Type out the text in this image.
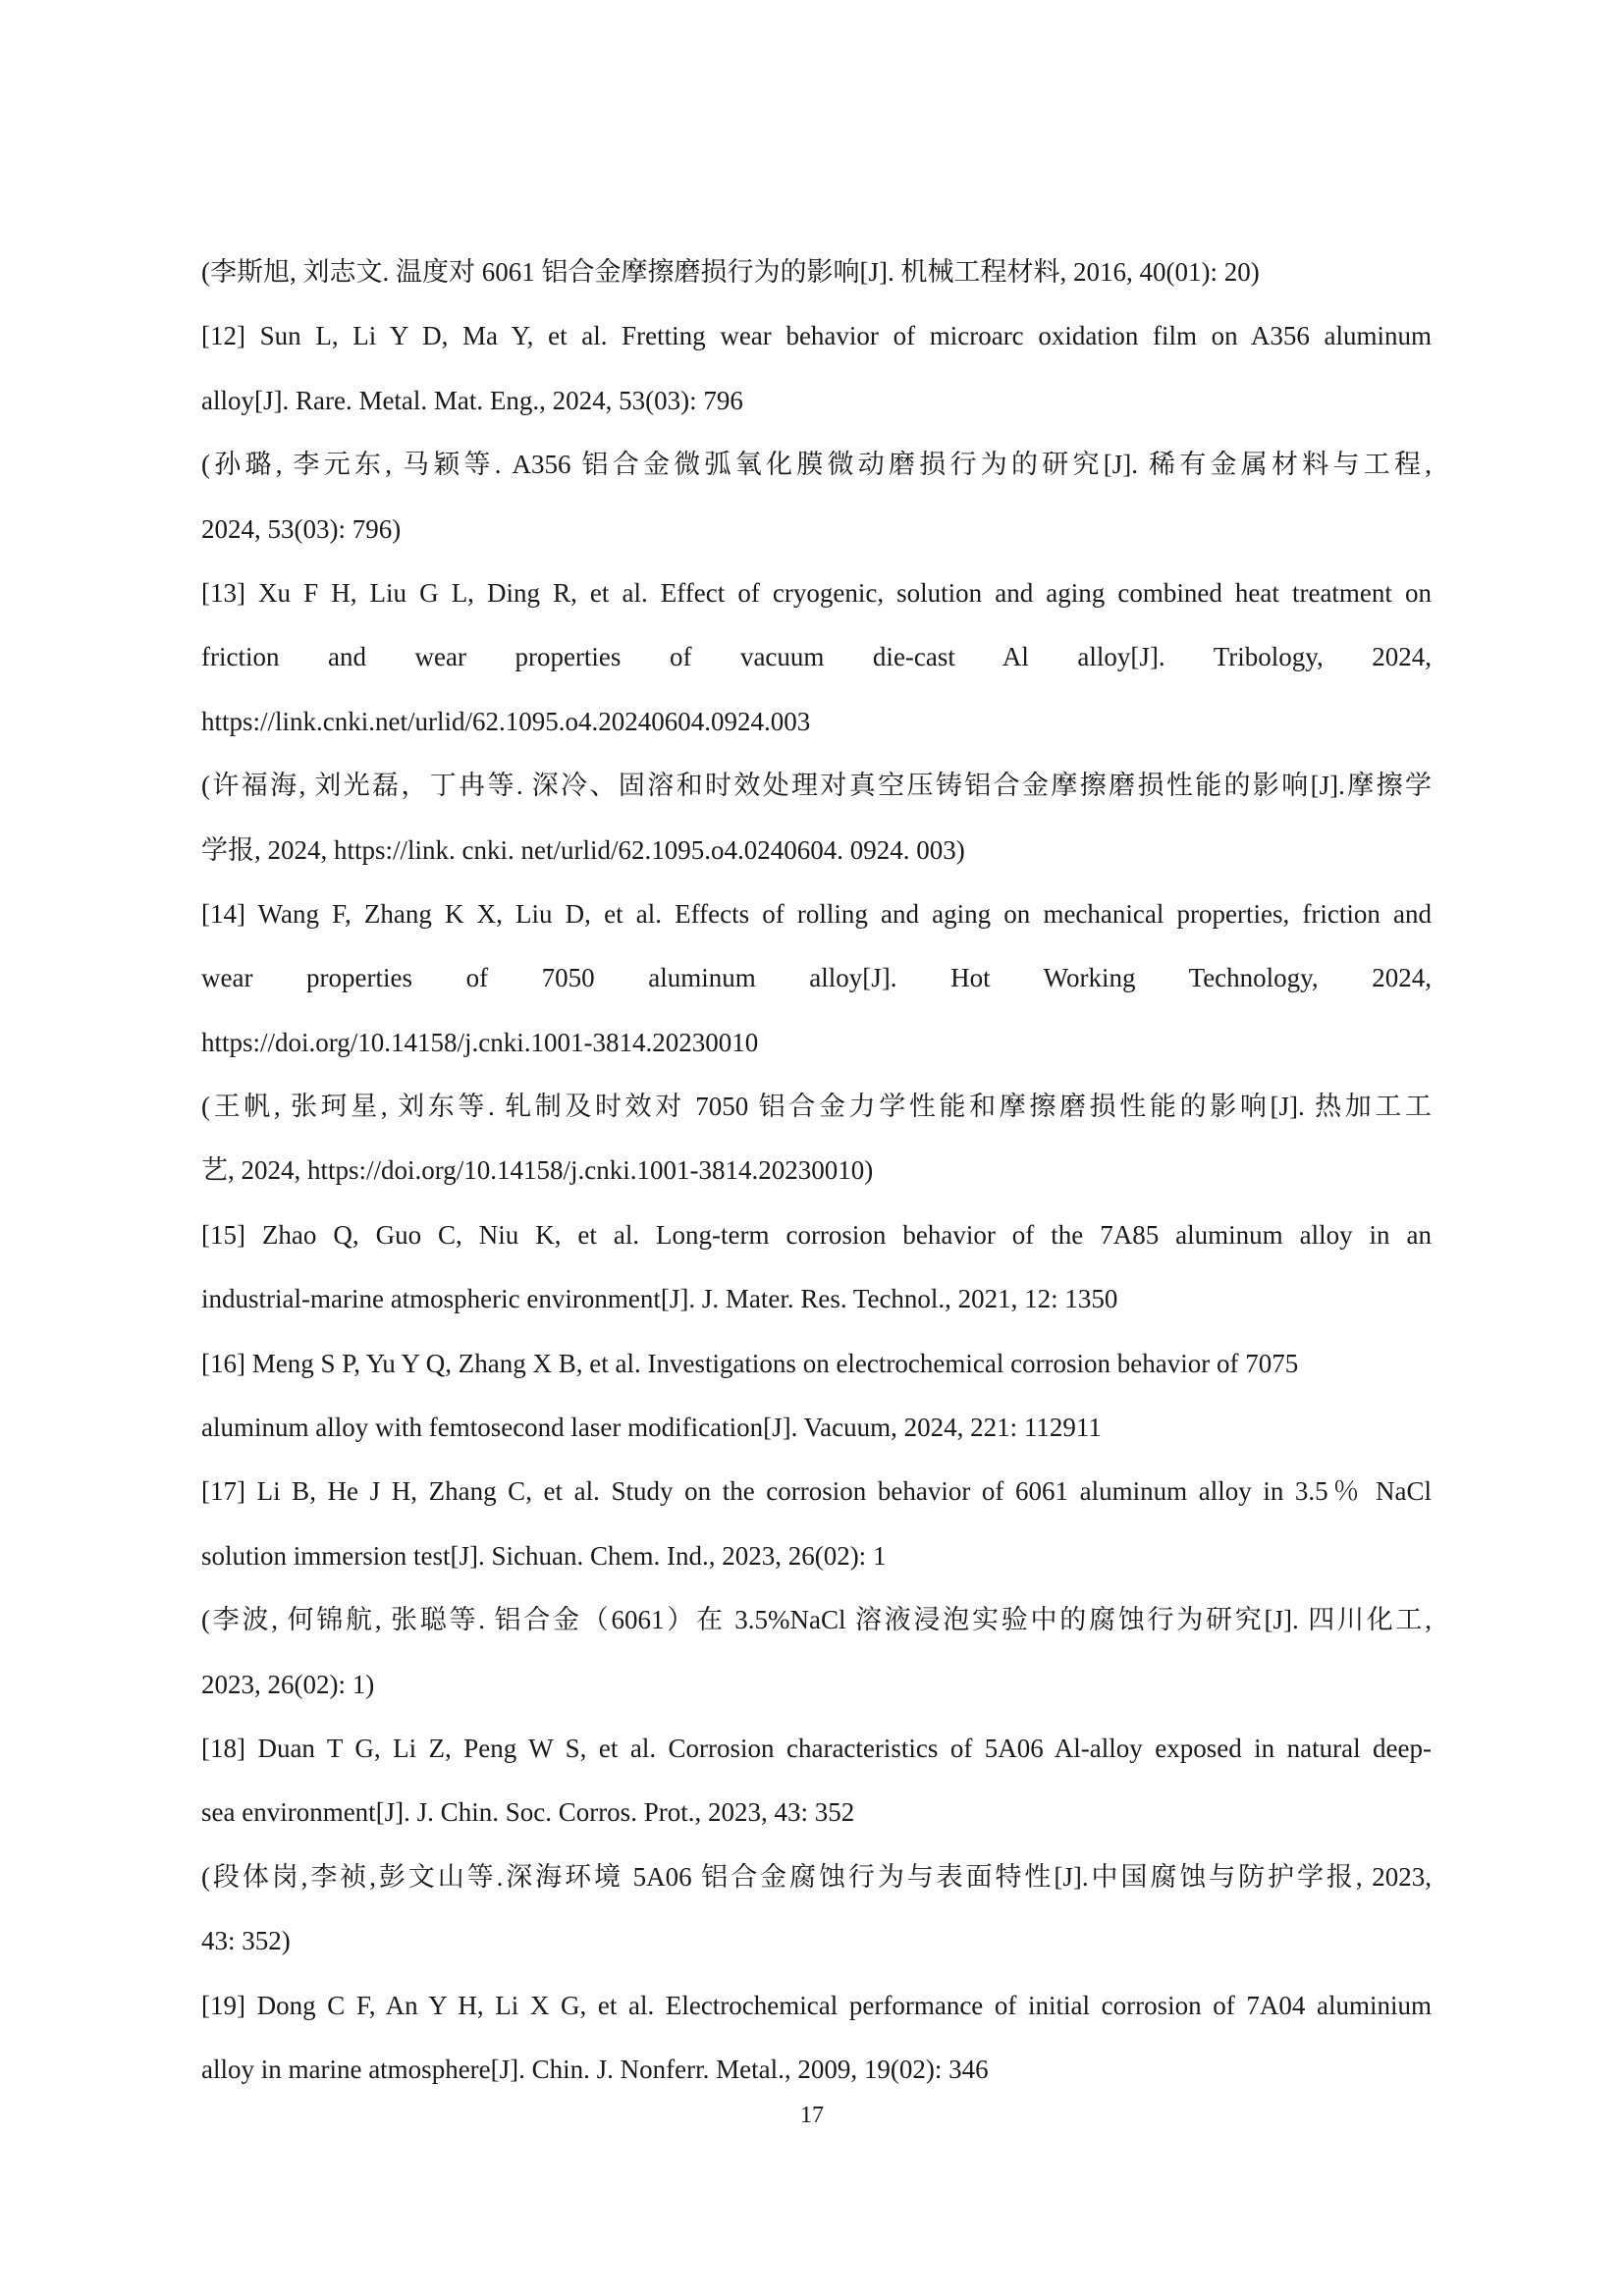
(李斯旭, 刘志文. 温度对 6061 铝合金摩擦磨损行为的影响[J]. 机械工程材料, 2016, 40(01): 20)
[12] Sun L, Li Y D, Ma Y, et al. Fretting wear behavior of microarc oxidation film on A356 aluminum
alloy[J]. Rare. Metal. Mat. Eng., 2024, 53(03): 796
(孙璐, 李元东, 马颖等. A356 铝合金微弧氧化膜微动磨损行为的研究[J]. 稀有金属材料与工程,
2024, 53(03): 796)
[13] Xu F H, Liu G L, Ding R, et al. Effect of cryogenic, solution and aging combined heat treatment on
friction and wear properties of vacuum die-cast Al alloy[J]. Tribology, 2024,
https://link.cnki.net/urlid/62.1095.o4.20240604.0924.003
(许福海, 刘光磊，丁冉等. 深冷、固溶和时效处理对真空压铸铝合金摩擦磨损性能的影响[J].摩擦学
学报, 2024, https://link. cnki. net/urlid/62.1095.o4.0240604. 0924. 003)
[14] Wang F, Zhang K X, Liu D, et al. Effects of rolling and aging on mechanical properties, friction and
wear properties of 7050 aluminum alloy[J]. Hot Working Technology, 2024,
https://doi.org/10.14158/j.cnki.1001-3814.20230010
(王帆, 张珂星, 刘东等. 轧制及时效对 7050 铝合金力学性能和摩擦磨损性能的影响[J]. 热加工工
艺, 2024, https://doi.org/10.14158/j.cnki.1001-3814.20230010)
[15] Zhao Q, Guo C, Niu K, et al. Long-term corrosion behavior of the 7A85 aluminum alloy in an
industrial-marine atmospheric environment[J]. J. Mater. Res. Technol., 2021, 12: 1350
[16] Meng S P, Yu Y Q, Zhang X B, et al. Investigations on electrochemical corrosion behavior of 7075
aluminum alloy with femtosecond laser modification[J]. Vacuum, 2024, 221: 112911
[17] Li B, He J H, Zhang C, et al. Study on the corrosion behavior of 6061 aluminum alloy in 3.5％ NaCl
solution immersion test[J]. Sichuan. Chem. Ind., 2023, 26(02): 1
(李波, 何锦航, 张聪等. 铝合金（6061）在 3.5%NaCl 溶液浸泡实验中的腐蚀行为研究[J]. 四川化工,
2023, 26(02): 1)
[18] Duan T G, Li Z, Peng W S, et al. Corrosion characteristics of 5A06 Al-alloy exposed in natural deep-
sea environment[J]. J. Chin. Soc. Corros. Prot., 2023, 43: 352
(段体岗,李祯,彭文山等.深海环境 5A06 铝合金腐蚀行为与表面特性[J].中国腐蚀与防护学报, 2023,
43: 352)
[19] Dong C F, An Y H, Li X G, et al. Electrochemical performance of initial corrosion of 7A04 aluminium
alloy in marine atmosphere[J]. Chin. J. Nonferr. Metal., 2009, 19(02): 346
17
